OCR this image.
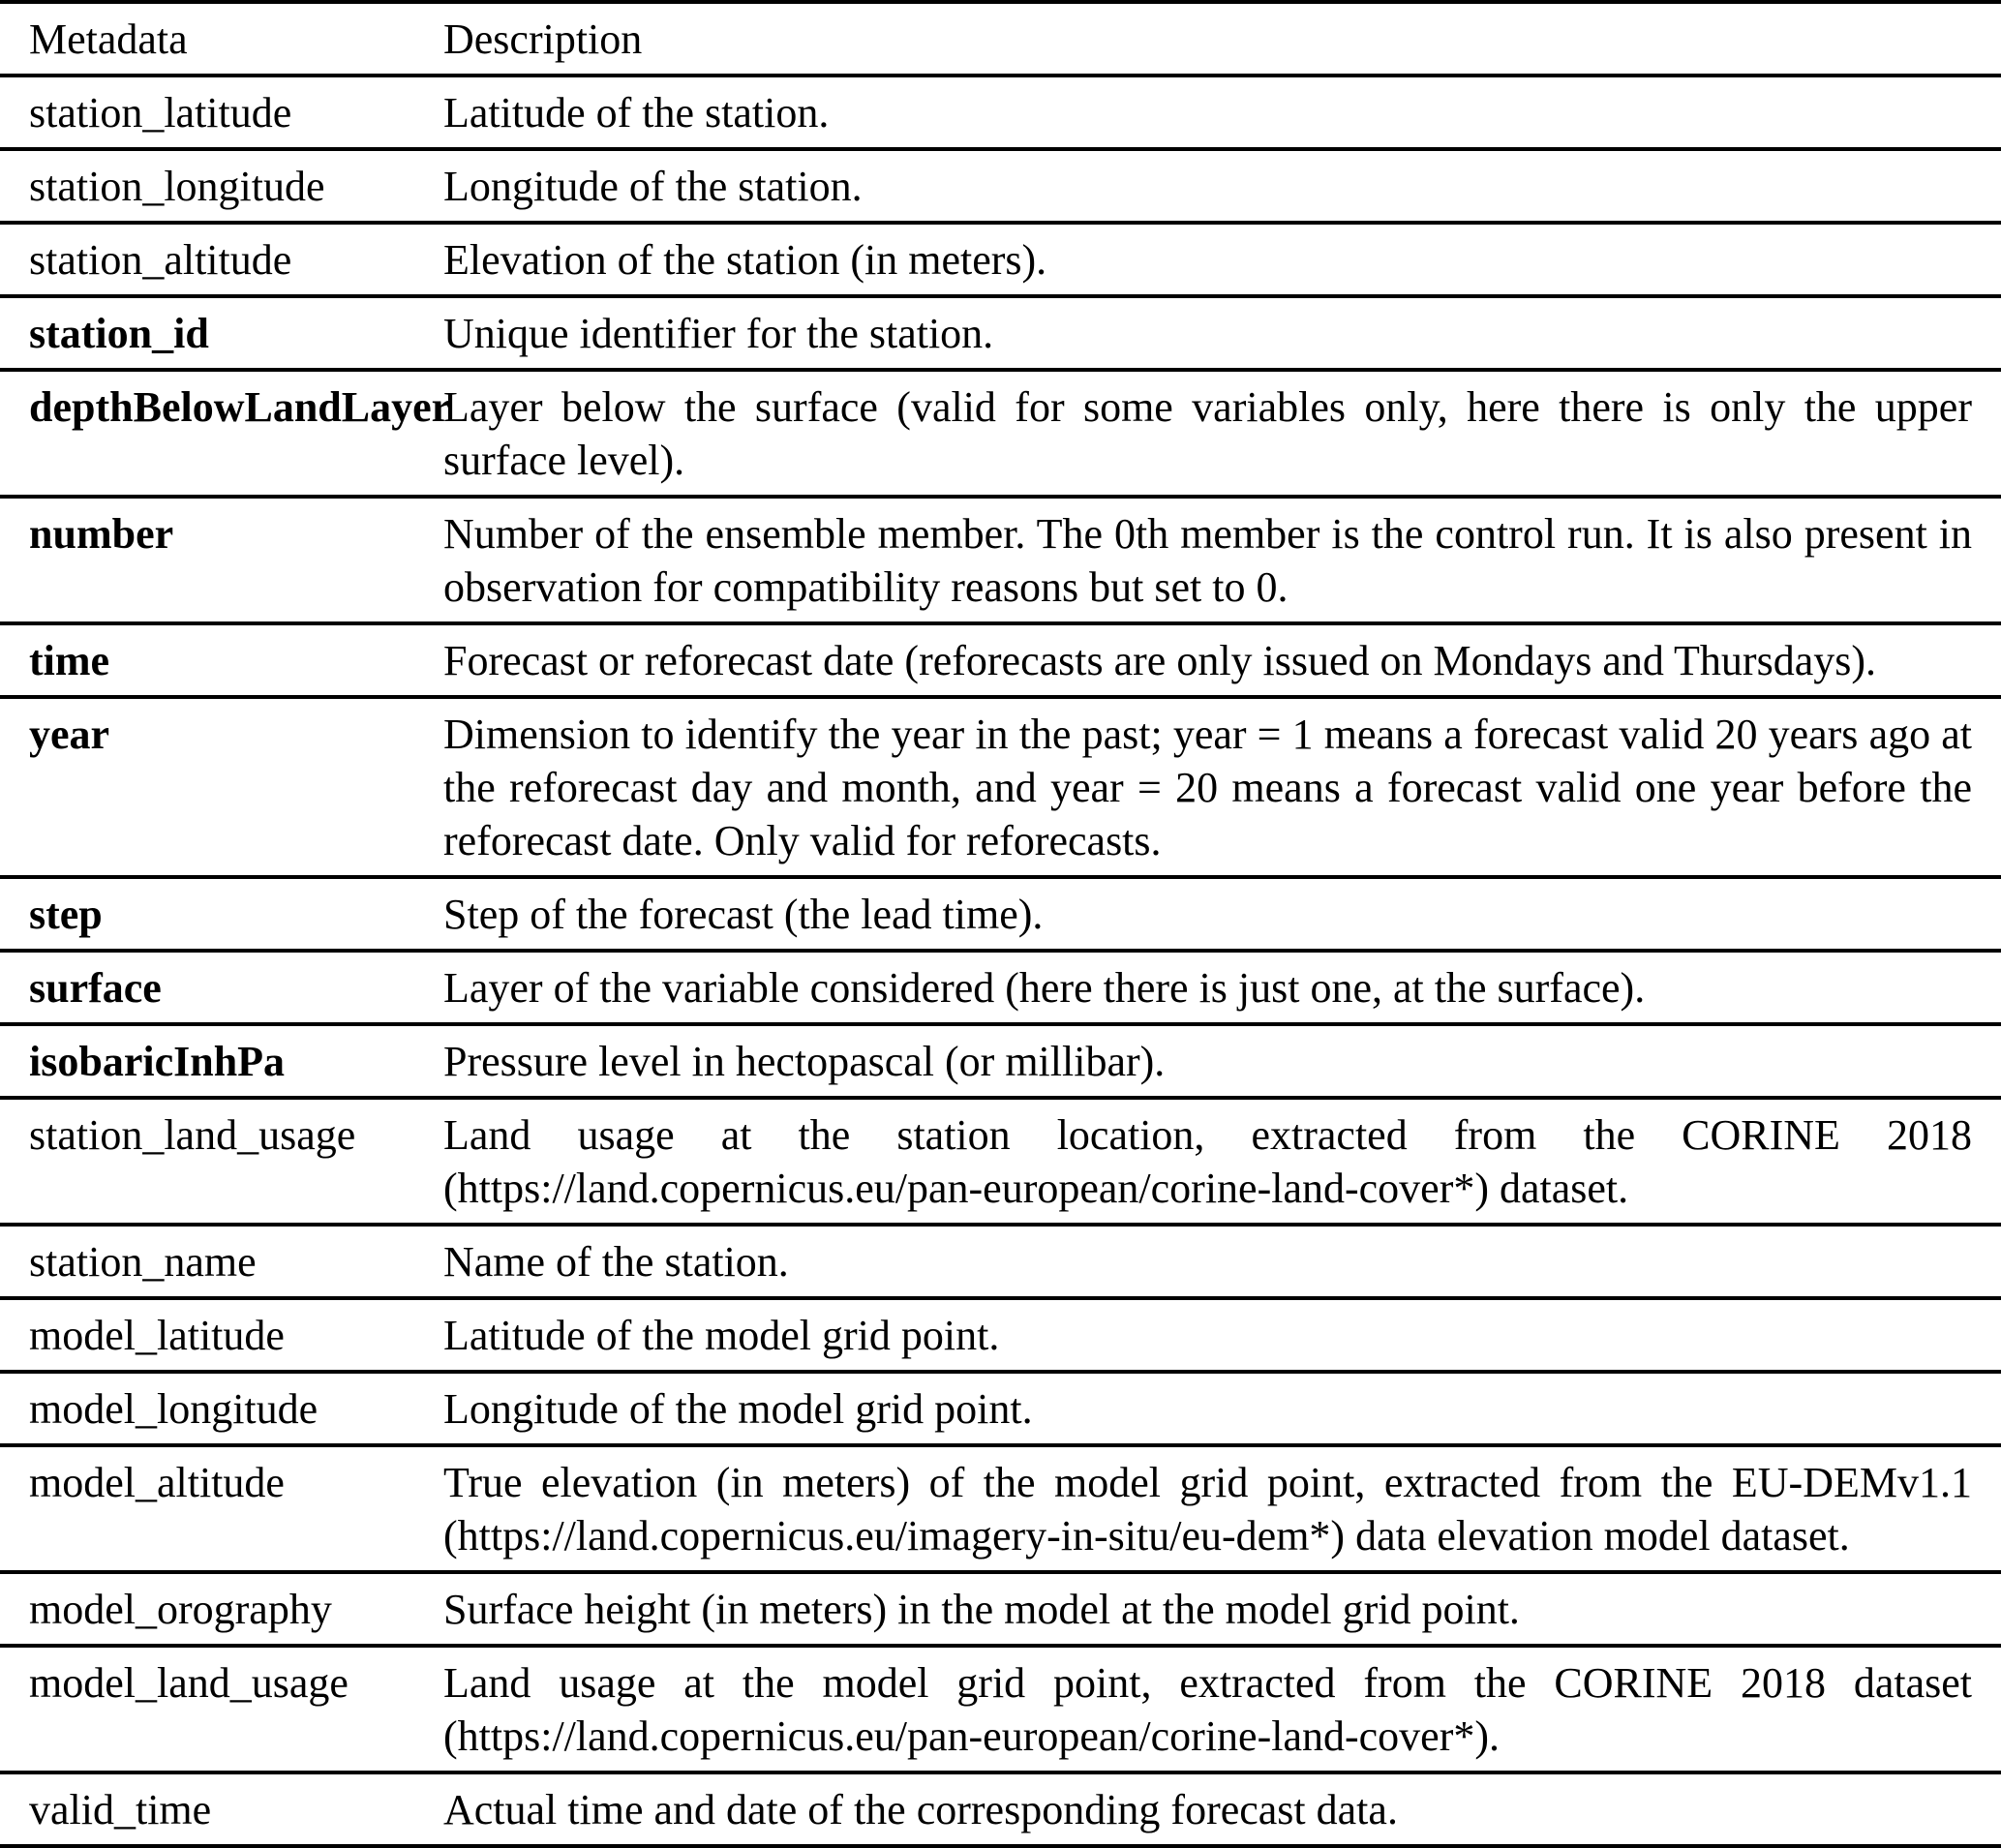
Metadata	Description
station_latitude	Latitude of the station.
station_longitude	Longitude of the station.
station_altitude	Elevation of the station (in meters).
station_id	Unique identifier for the station.
depthBelowLandLayer	Layer below the surface (valid for some variables only, here there is only the upper surface level).
number	Number of the ensemble member. The 0th member is the control run. It is also present in observation for compatibility reasons but set to 0.
time	Forecast or reforecast date (reforecasts are only issued on Mondays and Thursdays).
year	Dimension to identify the year in the past; year = 1 means a forecast valid 20 years ago at the reforecast day and month, and year = 20 means a forecast valid one year before the reforecast date. Only valid for reforecasts.
step	Step of the forecast (the lead time).
surface	Layer of the variable considered (here there is just one, at the surface).
isobaricInhPa	Pressure level in hectopascal (or millibar).
station_land_usage	Land usage at the station location, extracted from the CORINE 2018 (https://land.copernicus.eu/pan-european/corine-land-cover*) dataset.
station_name	Name of the station.
model_latitude	Latitude of the model grid point.
model_longitude	Longitude of the model grid point.
model_altitude	True elevation (in meters) of the model grid point, extracted from the EU-DEMv1.1 (https://land.copernicus.eu/imagery-in-situ/eu-dem*) data elevation model dataset.
model_orography	Surface height (in meters) in the model at the model grid point.
model_land_usage	Land usage at the model grid point, extracted from the CORINE 2018 dataset (https://land.copernicus.eu/pan-european/corine-land-cover*).
valid_time	Actual time and date of the corresponding forecast data.
